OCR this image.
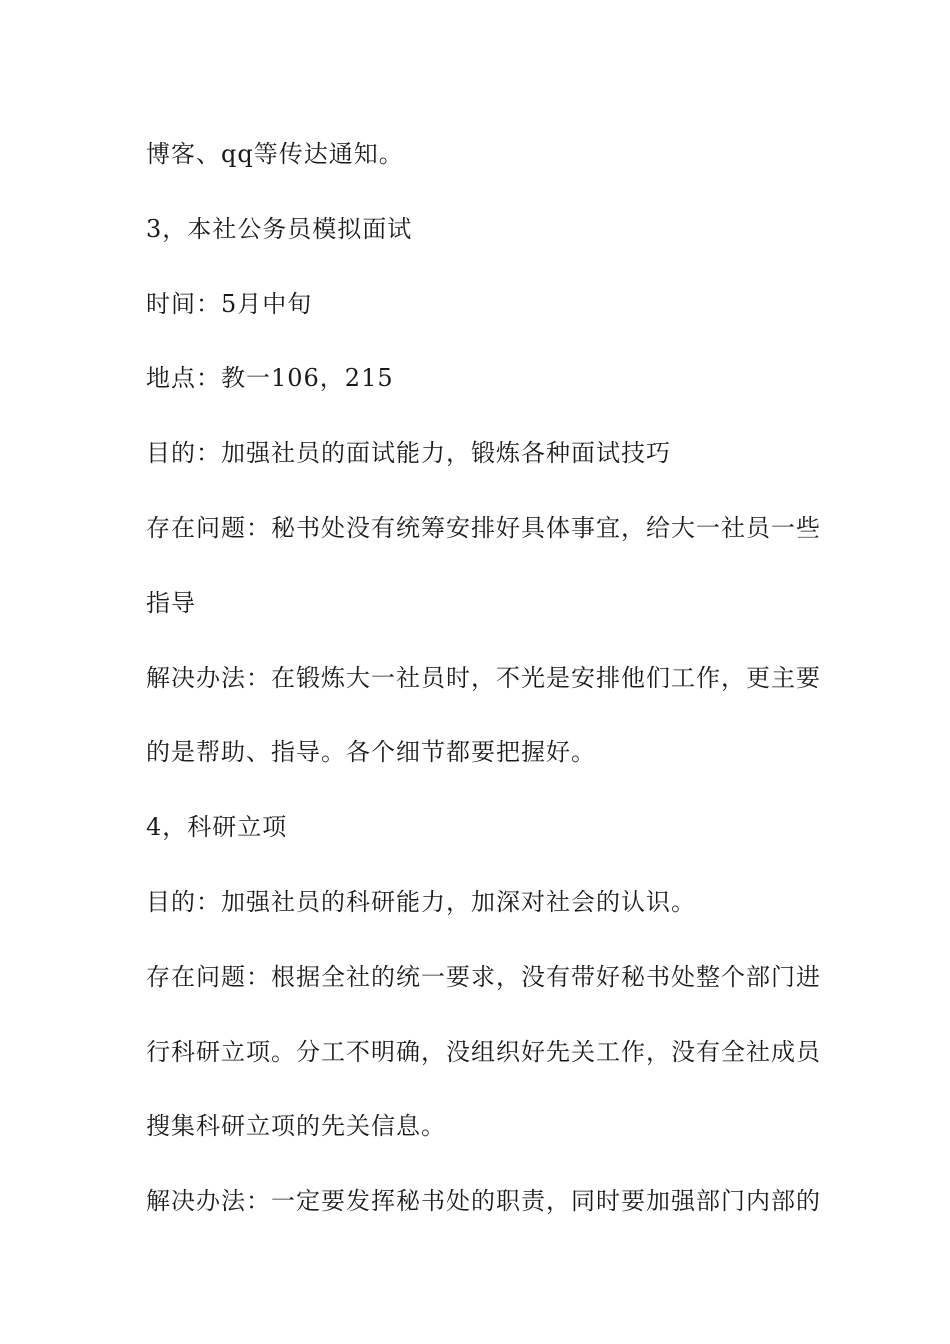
博客、qq等传达通知。
3，本社公务员模拟面试
时间：5月中旬
地点：教一106，215
目的：加强社员的面试能力，锻炼各种面试技巧
存在问题：秘书处没有统筹安排好具体事宜，给大一社员一些
指导
解决办法：在锻炼大一社员时，不光是安排他们工作，更主要
的是帮助、指导。各个细节都要把握好。
4，科研立项
目的：加强社员的科研能力，加深对社会的认识。
存在问题：根据全社的统一要求，没有带好秘书处整个部门进
行科研立项。分工不明确，没组织好先关工作，没有全社成员
搜集科研立项的先关信息。
解决办法：一定要发挥秘书处的职责，同时要加强部门内部的
